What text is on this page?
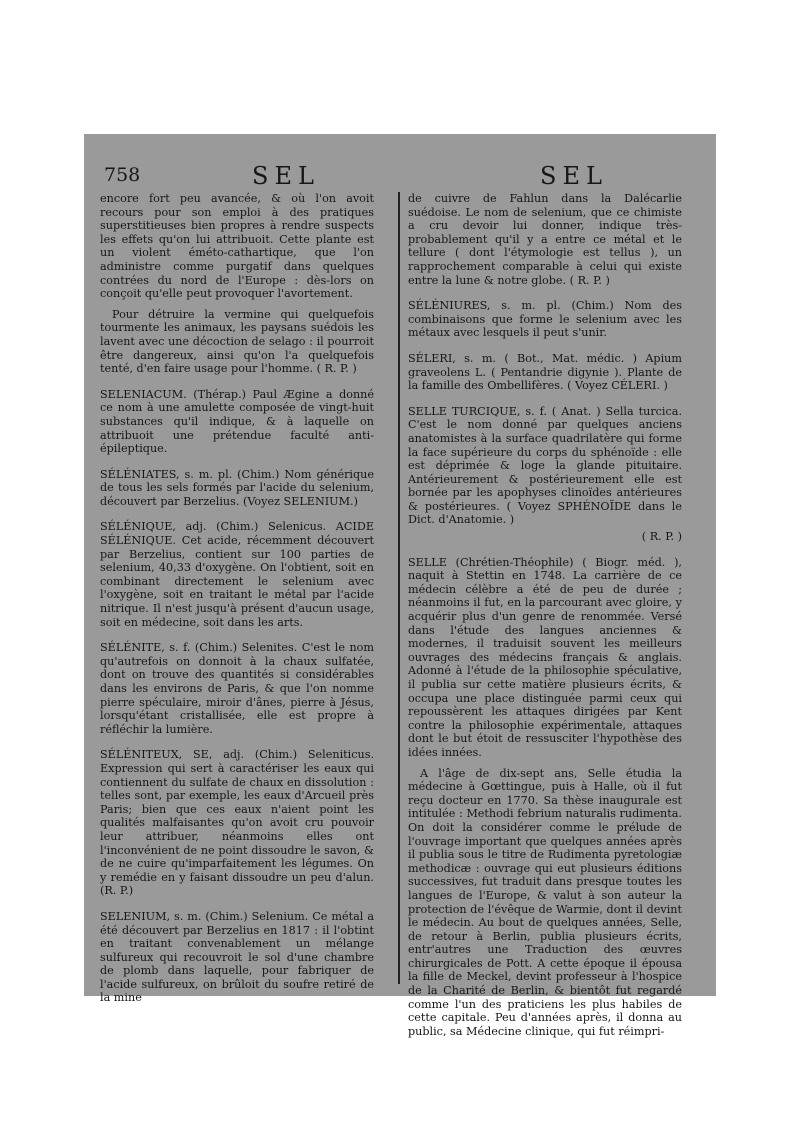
758	SEL	SEL

encore fort peu avancée, & où l'on avoit recours pour son emploi à des pratiques superstitieuses bien propres à rendre suspects les effets qu'on lui attribuoit. Cette plante est un violent éméto-cathartique, que l'on administre comme purgatif dans quelques contrées du nord de l'Europe : dès-lors on conçoit qu'elle peut provoquer l'avortement.

Pour détruire la vermine qui quelquefois tourmente les animaux, les paysans suédois les lavent avec une décoction de selago : il pourroit être dangereux, ainsi qu'on l'a quelquefois tenté, d'en faire usage pour l'homme. ( R. P. )

SELENIACUM. (Thérap.) Paul Ægine a donné ce nom à une amulette composée de vingt-huit substances qu'il indique, & à laquelle on attribuoit une prétendue faculté anti-épileptique.

SÉLÉNIATES, s. m. pl. (Chim.) Nom générique de tous les sels formés par l'acide du selenium, découvert par Berzelius. (Voyez SELENIUM.)

SÉLÉNIQUE, adj. (Chim.) Selenicus. ACIDE SÉLÉNIQUE. Cet acide, récemment découvert par Berzelius, contient sur 100 parties de selenium, 40,33 d'oxygène. On l'obtient, soit en combinant directement le selenium avec l'oxygène, soit en traitant le métal par l'acide nitrique. Il n'est jusqu'à présent d'aucun usage, soit en médecine, soit dans les arts.

SÉLÉNITE, s. f. (Chim.) Selenites. C'est le nom qu'autrefois on donnoit à la chaux sulfatée, dont on trouve des quantités si considérables dans les environs de Paris, & que l'on nomme pierre spéculaire, miroir d'ânes, pierre à Jésus, lorsqu'étant cristallisée, elle est propre à réfléchir la lumière.

SÉLÉNITEUX, SE, adj. (Chim.) Seleniticus. Expression qui sert à caractériser les eaux qui contiennent du sulfate de chaux en dissolution : telles sont, par exemple, les eaux d'Arcueil près Paris; bien que ces eaux n'aient point les qualités malfaisantes qu'on avoit cru pouvoir leur attribuer, néanmoins elles ont l'inconvénient de ne point dissoudre le savon, & de ne cuire qu'imparfaitement les légumes. On y remédie en y faisant dissoudre un peu d'alun. (R. P.)

SELENIUM, s. m. (Chim.) Selenium. Ce métal a été découvert par Berzelius en 1817 : il l'obtint en traitant convenablement un mélange sulfureux qui recouvroit le sol d'une chambre de plomb dans laquelle, pour fabriquer de l'acide sulfureux, on brûloit du soufre retiré de la mine

de cuivre de Fahlun dans la Dalécarlie suédoise. Le nom de selenium, que ce chimiste a cru devoir lui donner, indique très-probablement qu'il y a entre ce métal et le tellure ( dont l'étymologie est tellus ), un rapprochement comparable à celui qui existe entre la lune & notre globe. ( R. P. )

SÉLÉNIURES, s. m. pl. (Chim.) Nom des combinaisons que forme le selenium avec les métaux avec lesquels il peut s'unir.

SÉLERI, s. m. ( Bot., Mat. médic. ) Apium graveolens L. ( Pentandrie digynie ). Plante de la famille des Ombellifères. ( Voyez CÉLERI. )

SELLE TURCIQUE, s. f. ( Anat. ) Sella turcica. C'est le nom donné par quelques anciens anatomistes à la surface quadrilatère qui forme la face supérieure du corps du sphénoïde : elle est déprimée & loge la glande pituitaire. Antérieurement & postérieurement elle est bornée par les apophyses clinoïdes antérieures & postérieures. ( Voyez SPHÉNOÏDE dans le Dict. d'Anatomie. )

( R. P. )

SELLE (Chrétien-Théophile) ( Biogr. méd. ), naquit à Stettin en 1748. La carrière de ce médecin célèbre a été de peu de durée ; néanmoins il fut, en la parcourant avec gloire, y acquérir plus d'un genre de renommée. Versé dans l'étude des langues anciennes & modernes, il traduisit souvent les meilleurs ouvrages des médecins français & anglais. Adonné à l'étude de la philosophie spéculative, il publia sur cette matière plusieurs écrits, & occupa une place distinguée parmi ceux qui repoussèrent les attaques dirigées par Kent contre la philosophie expérimentale, attaques dont le but étoit de ressusciter l'hypothèse des idées innées.

A l'âge de dix-sept ans, Selle étudia la médecine à Gœttingue, puis à Halle, où il fut reçu docteur en 1770. Sa thèse inaugurale est intitulée : Methodi febrium naturalis rudimenta. On doit la considérer comme le prélude de l'ouvrage important que quelques années après il publia sous le titre de Rudimenta pyretologiæ methodicæ : ouvrage qui eut plusieurs éditions successives, fut traduit dans presque toutes les langues de l'Europe, & valut à son auteur la protection de l'évêque de Warmie, dont il devint le médecin. Au bout de quelques années, Selle, de retour à Berlin, publia plusieurs écrits, entr'autres une Traduction des œuvres chirurgicales de Pott. A cette époque il épousa la fille de Meckel, devint professeur à l'hospice de la Charité de Berlin, & bientôt fut regardé comme l'un des praticiens les plus habiles de cette capitale. Peu d'années après, il donna au public, sa Médecine clinique, qui fut réimpri-
